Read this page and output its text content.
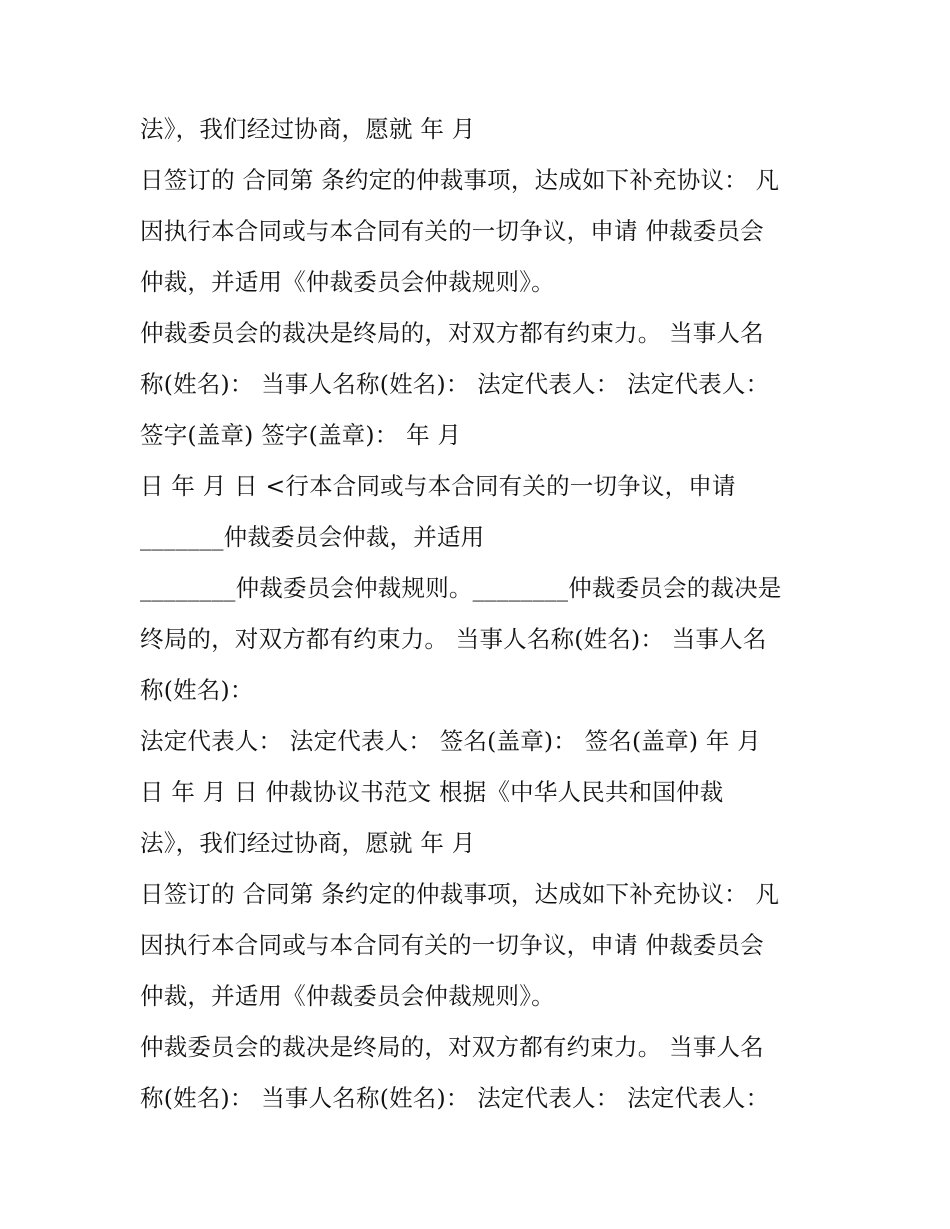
法》，我们经过协商，愿就 年 月
日签订的 合同第 条约定的仲裁事项，达成如下补充协议： 凡
因执行本合同或与本合同有关的一切争议，申请 仲裁委员会
仲裁，并适用《仲裁委员会仲裁规则》。
仲裁委员会的裁决是终局的，对双方都有约束力。 当事人名
称(姓名)： 当事人名称(姓名)： 法定代表人： 法定代表人：
签字(盖章) 签字(盖章)： 年 月
日 年 月 日 <行本合同或与本合同有关的一切争议，申请
_______仲裁委员会仲裁，并适用
________仲裁委员会仲裁规则。________仲裁委员会的裁决是
终局的，对双方都有约束力。 当事人名称(姓名)： 当事人名
称(姓名)：
法定代表人： 法定代表人： 签名(盖章)： 签名(盖章) 年 月
日 年 月 日 仲裁协议书范文 根据《中华人民共和国仲裁
法》，我们经过协商，愿就 年 月
日签订的 合同第 条约定的仲裁事项，达成如下补充协议： 凡
因执行本合同或与本合同有关的一切争议，申请 仲裁委员会
仲裁，并适用《仲裁委员会仲裁规则》。
仲裁委员会的裁决是终局的，对双方都有约束力。 当事人名
称(姓名)： 当事人名称(姓名)： 法定代表人： 法定代表人：
